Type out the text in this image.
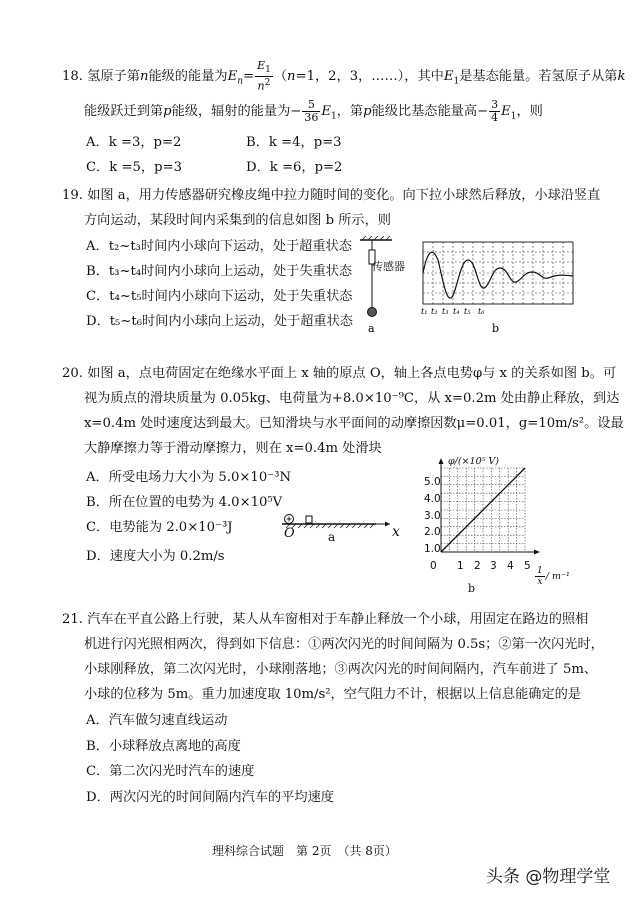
18. 氢原子第n能级的能量为$E_n= \frac{E_1}{n^2} (n=1$，2，3，……），其中$E_1$是基态能量。若氢原子从第k
能级跃迁到第p能级，辐射的能量为− $\frac{5}{36} E_1$，第p能级比基态能量高− $\frac{3}{4} E_1$，则
A．k =3，p=2	B．k =4，p=3
C．k =5，p=3	D．k =6，p=2
19. 如图 a，用力传感器研究橡皮绳中拉力随时间的变化。向下拉小球然后释放，小球沿竖直
方向运动，某段时间内采集到的信息如图 b 所示，则
A．t₂~t₃时间内小球向下运动，处于超重状态
B．t₃~t₄时间内小球向上运动，处于失重状态
C．t₄~t₅时间内小球向下运动，处于失重状态
D．t₅~t₆时间内小球向上运动，处于超重状态 a
传感器
t₁ t₂ t₃ t₄ t₅ t₆
b
20. 如图 a，点电荷固定在绝缘水平面上 x 轴的原点 O，轴上各点电势φ与 x 的关系如图 b。可
视为质点的滑块质量为 0.05kg、电荷量为+8.0×10⁻⁹C，从 x=0.2m 处由静止释放，到达
x=0.4m 处时速度达到最大。已知滑块与水平面间的动摩擦因数μ=0.01，g=10m/s²。设最
大静摩擦力等于滑动摩擦力，则在 x=0.4m 处滑块
A．所受电场力大小为 5.0×10⁻³N
B．所在位置的电势为 4.0×10⁵V
C．电势能为 2.0×10⁻³J
D．速度大小为 0.2m/s
O	a	x
φ/(×10⁵ V)
5.0
4.0
3.0
2.0
1.0
0 1 2 3 4 $5 \frac{1}{x} / m^{-1}$
b
21. 汽车在平直公路上行驶，某人从车窗相对于车静止释放一个小球，用固定在路边的照相
机进行闪光照相两次，得到如下信息：①两次闪光的时间间隔为 0.5s；②第一次闪光时，
小球刚释放，第二次闪光时，小球刚落地；③两次闪光的时间间隔内，汽车前进了 5m、
小球的位移为 5m。重力加速度取 10m/s²，空气阻力不计，根据以上信息能确定的是
A．汽车做匀速直线运动
B．小球释放点离地的高度
C．第二次闪光时汽车的速度
D．两次闪光的时间间隔内汽车的平均速度
理科综合试题　第 2页　（共 8页）
头条 @物理学堂
